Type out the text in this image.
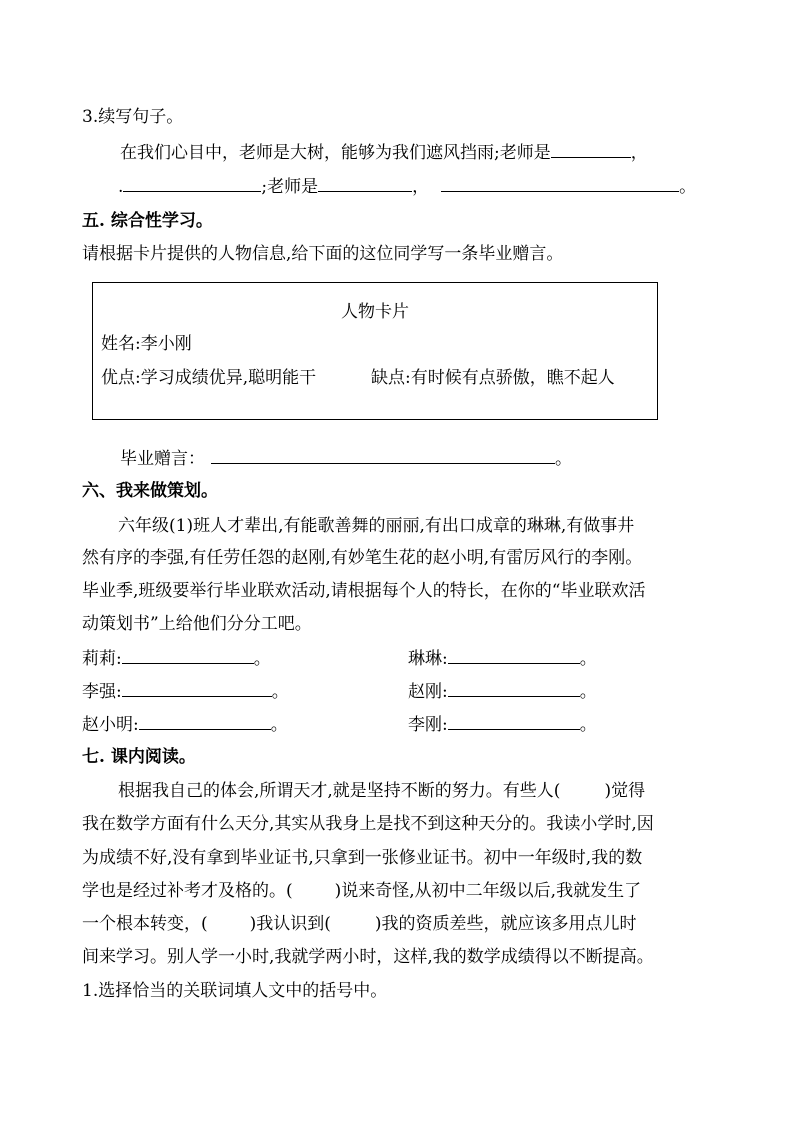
3.续写句子。
在我们心目中，老师是大树，能够为我们遮风挡雨;老师是	，
.	;老师是	，	。
五. 综合性学习。
请根据卡片提供的人物信息,给下面的这位同学写一条毕业赠言。
人物卡片
姓名:李小刚
优点:学习成绩优异,聪明能干	缺点:有时候有点骄傲，瞧不起人
毕业赠言：	。
六、我来做策划。
六年级(1)班人才辈出,有能歌善舞的丽丽,有出口成章的琳琳,有做事井
然有序的李强,有任劳任怨的赵刚,有妙笔生花的赵小明,有雷厉风行的李刚。
毕业季,班级要举行毕业联欢活动,请根据每个人的特长，在你的“毕业联欢活
动策划书”上给他们分分工吧。
莉莉:	。	琳琳:	。
李强:	。	赵刚:	。
赵小明:	。	李刚:	。
七. 课内阅读。
根据我自己的体会,所谓天才,就是坚持不断的努力。有些人(	)觉得
我在数学方面有什么天分,其实从我身上是找不到这种天分的。我读小学时,因
为成绩不好,没有拿到毕业证书,只拿到一张修业证书。初中一年级时,我的数
学也是经过补考才及格的。( )说来奇怪,从初中二年级以后,我就发生了
一个根本转变，( )我认识到(	)我的资质差些，就应该多用点儿时
间来学习。别人学一小时,我就学两小时，这样,我的数学成绩得以不断提高。
1.选择恰当的关联词填人文中的括号中。
